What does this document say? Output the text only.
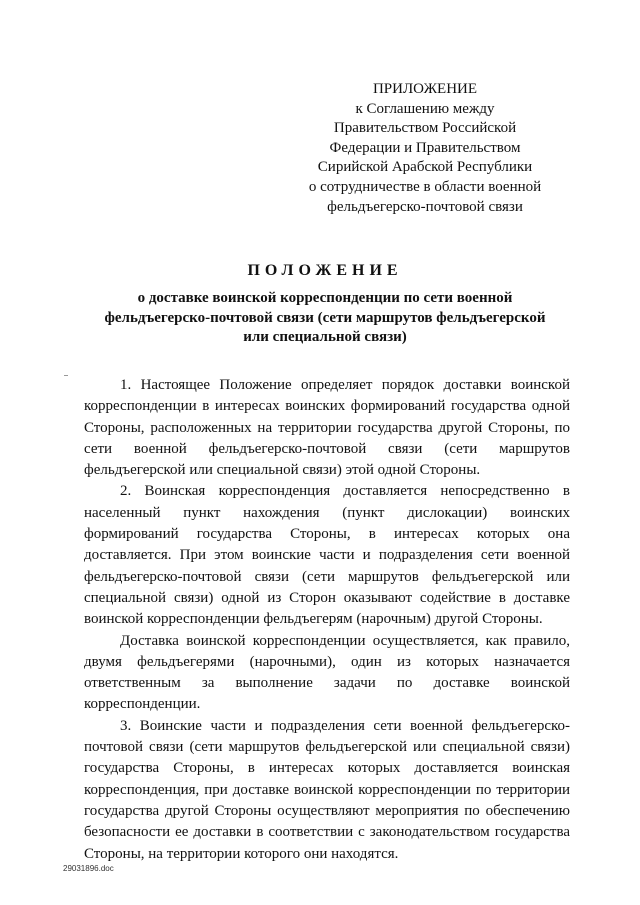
ПРИЛОЖЕНИЕ
к Соглашению между
Правительством Российской
Федерации и Правительством
Сирийской Арабской Республики
о сотрудничестве в области военной
фельдъегерско-почтовой связи
ПОЛОЖЕНИЕ
о доставке воинской корреспонденции по сети военной
фельдъегерско-почтовой связи (сети маршрутов фельдъегерской
или специальной связи)

1. Настоящее Положение определяет порядок доставки воинской корреспонденции в интересах воинских формирований государства одной Стороны, расположенных на территории государства другой Стороны, по сети военной фельдъегерско-почтовой связи (сети маршрутов фельдъегерской или специальной связи) этой одной Стороны.

2. Воинская корреспонденция доставляется непосредственно в населенный пункт нахождения (пункт дислокации) воинских формирований государства Стороны, в интересах которых она доставляется. При этом воинские части и подразделения сети военной фельдъегерско-почтовой связи (сети маршрутов фельдъегерской или специальной связи) одной из Сторон оказывают содействие в доставке воинской корреспонденции фельдъегерям (нарочным) другой Стороны.

Доставка воинской корреспонденции осуществляется, как правило, двумя фельдъегерями (нарочными), один из которых назначается ответственным за выполнение задачи по доставке воинской корреспонденции.

3. Воинские части и подразделения сети военной фельдъегерско-почтовой связи (сети маршрутов фельдъегерской или специальной связи) государства Стороны, в интересах которых доставляется воинская корреспонденция, при доставке воинской корреспонденции по территории государства другой Стороны осуществляют мероприятия по обеспечению безопасности ее доставки в соответствии с законодательством государства Стороны, на территории которого они находятся.

29031896.doc
